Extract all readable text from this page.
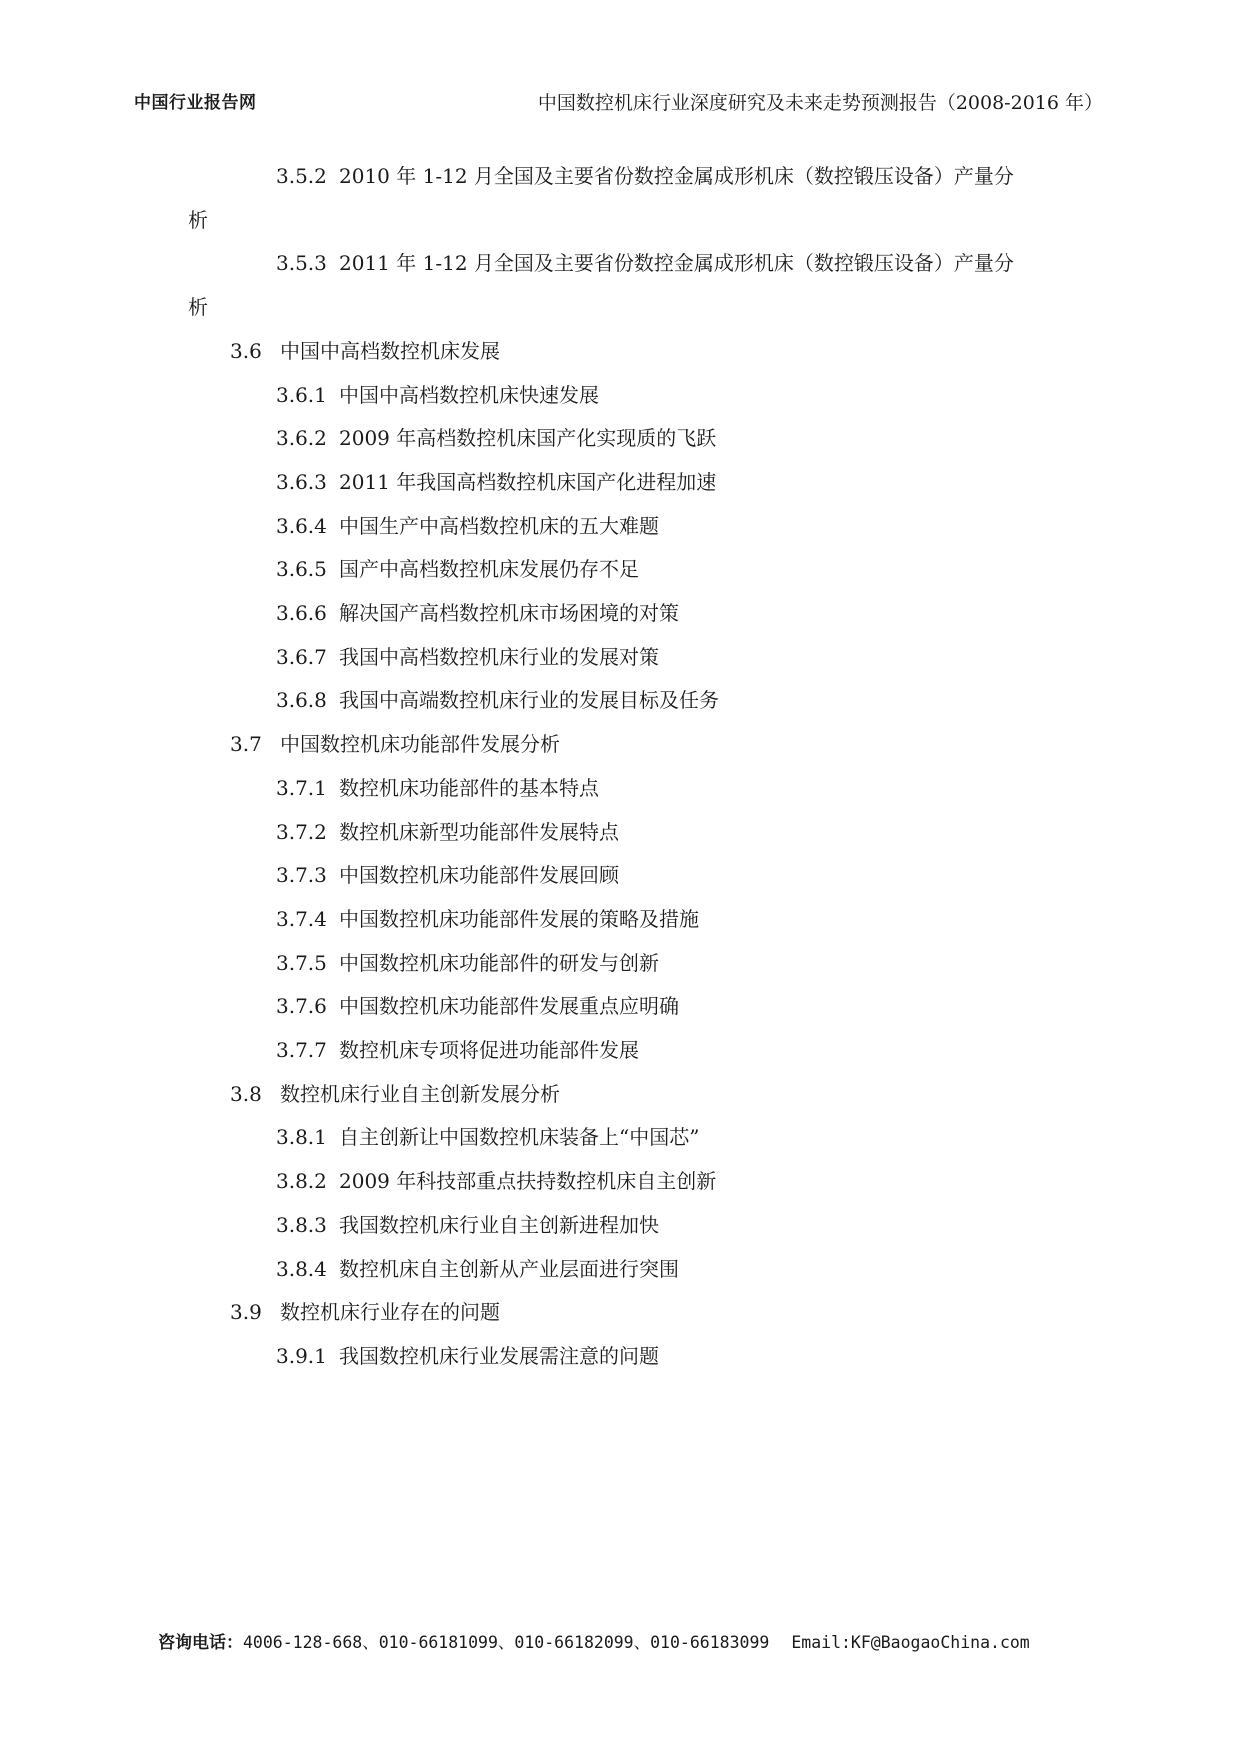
中国行业报告网	中国数控机床行业深度研究及未来走势预测报告（2008-2016 年）
3.5.2 2010 年 1-12 月全国及主要省份数控金属成形机床（数控锻压设备）产量分
析
3.5.3 2011 年 1-12 月全国及主要省份数控金属成形机床（数控锻压设备）产量分
析
3.6 中国中高档数控机床发展
3.6.1 中国中高档数控机床快速发展
3.6.2 2009 年高档数控机床国产化实现质的飞跃
3.6.3 2011 年我国高档数控机床国产化进程加速
3.6.4 中国生产中高档数控机床的五大难题
3.6.5 国产中高档数控机床发展仍存不足
3.6.6 解决国产高档数控机床市场困境的对策
3.6.7 我国中高档数控机床行业的发展对策
3.6.8 我国中高端数控机床行业的发展目标及任务
3.7 中国数控机床功能部件发展分析
3.7.1 数控机床功能部件的基本特点
3.7.2 数控机床新型功能部件发展特点
3.7.3 中国数控机床功能部件发展回顾
3.7.4 中国数控机床功能部件发展的策略及措施
3.7.5 中国数控机床功能部件的研发与创新
3.7.6 中国数控机床功能部件发展重点应明确
3.7.7 数控机床专项将促进功能部件发展
3.8 数控机床行业自主创新发展分析
3.8.1 自主创新让中国数控机床装备上“中国芯”
3.8.2 2009 年科技部重点扶持数控机床自主创新
3.8.3 我国数控机床行业自主创新进程加快
3.8.4 数控机床自主创新从产业层面进行突围
3.9 数控机床行业存在的问题
3.9.1 我国数控机床行业发展需注意的问题
咨询电话：4006-128-668、010-66181099、010-66182099、010-66183099 Email:KF@BaogaoChina.com
